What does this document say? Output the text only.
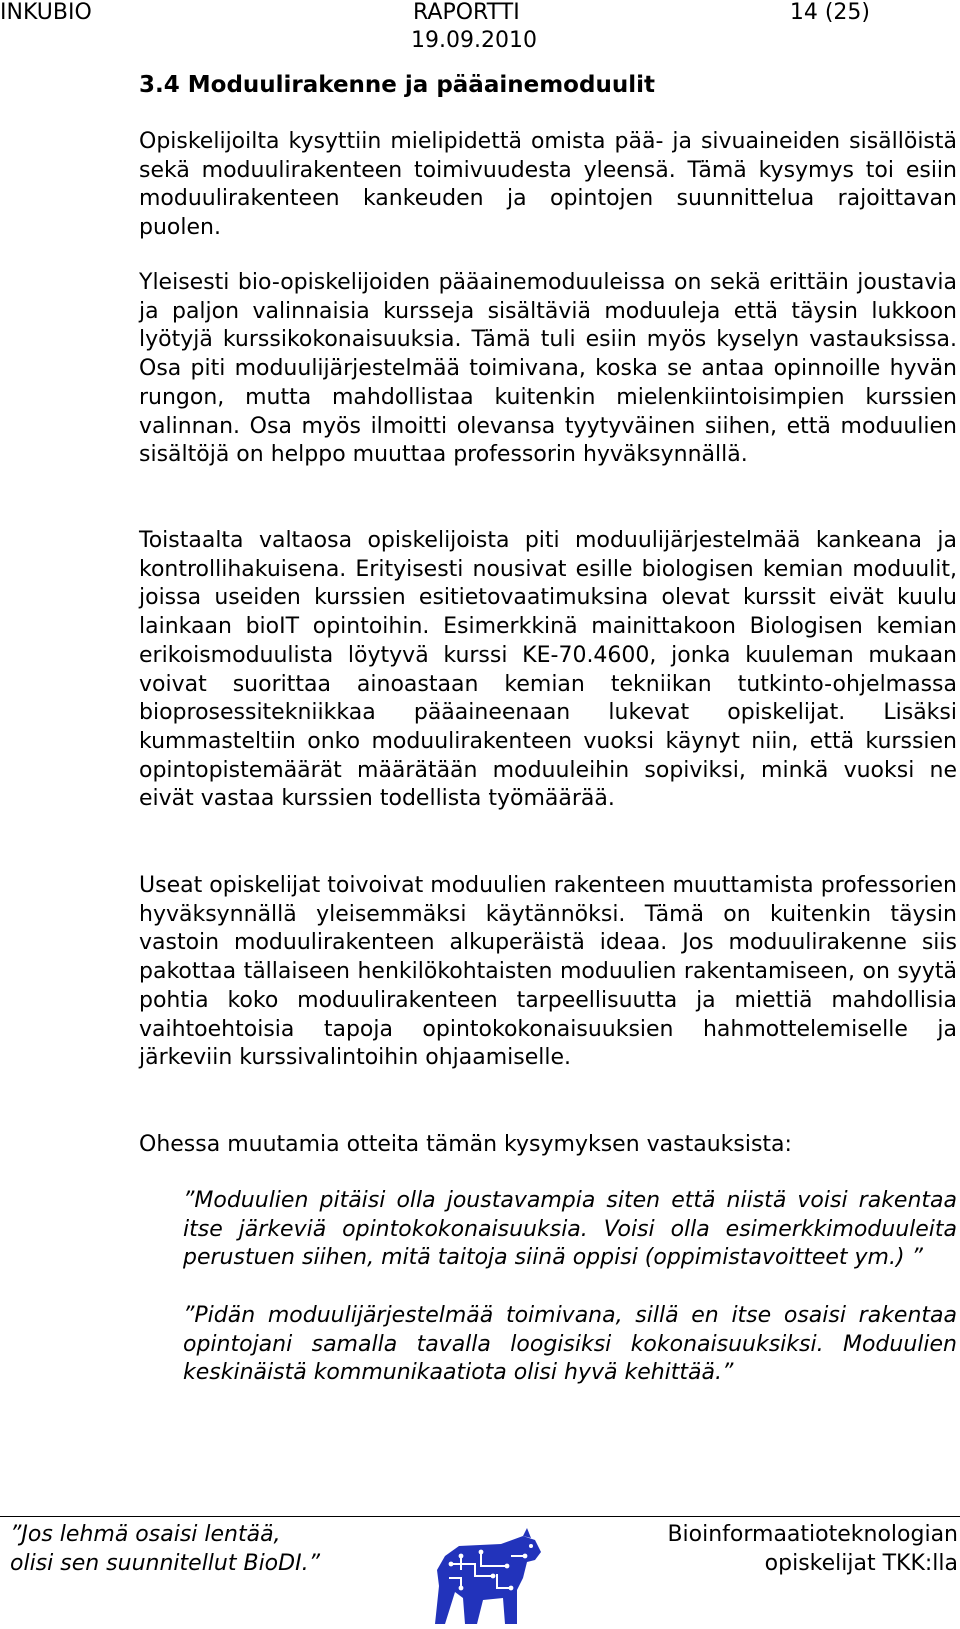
INKUBIO	RAPORTTI
19.09.2010
14 (25)
3.4 Moduulirakenne ja pääainemoduulit

Opiskelijoilta kysyttiin mielipidettä omista pää- ja sivuaineiden sisällöistä sekä moduulirakenteen toimivuudesta yleensä. Tämä kysymys toi esiin moduulirakenteen kankeuden ja opintojen suunnittelua rajoittavan puolen.

Yleisesti bio-opiskelijoiden pääainemoduuleissa on sekä erittäin joustavia ja paljon valinnaisia kursseja sisältäviä moduuleja että täysin lukkoon lyötyjä kurssikokonaisuuksia. Tämä tuli esiin myös kyselyn vastauksissa. Osa piti moduulijärjestelmää toimivana, koska se antaa opinnoille hyvän rungon, mutta mahdollistaa kuitenkin mielenkiintoisimpien kurssien valinnan. Osa myös ilmoitti olevansa tyytyväinen siihen, että moduulien sisältöjä on helppo muuttaa professorin hyväksynnällä.

Toistaalta valtaosa opiskelijoista piti moduulijärjestelmää kankeana ja kontrollihakuisena. Erityisesti nousivat esille biologisen kemian moduulit, joissa useiden kurssien esitietovaatimuksina olevat kurssit eivät kuulu lainkaan bioIT opintoihin. Esimerkkinä mainittakoon Biologisen kemian erikoismoduulista löytyvä kurssi KE-70.4600, jonka kuuleman mukaan voivat suorittaa ainoastaan kemian tekniikan tutkinto-ohjelmassa bioprosessitekniikkaa pääaineenaan lukevat opiskelijat. Lisäksi kummasteltiin onko moduulirakenteen vuoksi käynyt niin, että kurssien opintopistemäärät määrätään moduuleihin sopiviksi, minkä vuoksi ne eivät vastaa kurssien todellista työmäärää.

Useat opiskelijat toivoivat moduulien rakenteen muuttamista professorien hyväksynnällä yleisemmäksi käytännöksi. Tämä on kuitenkin täysin vastoin moduulirakenteen alkuperäistä ideaa. Jos moduulirakenne siis pakottaa tällaiseen henkilökohtaisten moduulien rakentamiseen, on syytä pohtia koko moduulirakenteen tarpeellisuutta ja miettiä mahdollisia vaihtoehtoisia tapoja opintokokonaisuuksien hahmottelemiselle ja järkeviin kurssivalintoihin ohjaamiselle.

Ohessa muutamia otteita tämän kysymyksen vastauksista:

”Moduulien pitäisi olla joustavampia siten että niistä voisi rakentaa itse järkeviä opintokokonaisuuksia. Voisi olla esimerkkimoduuleita perustuen siihen, mitä taitoja siinä oppisi (oppimistavoitteet ym.) ”

”Pidän moduulijärjestelmää toimivana, sillä en itse osaisi rakentaa opintojani samalla tavalla loogisiksi kokonaisuuksiksi. Moduulien keskinäistä kommunikaatiota olisi hyvä kehittää.”

”Jos lehmä osaisi lentää,
olisi sen suunnitellut BioDI.”
Bioinformaatioteknologian
opiskelijat TKK:lla
